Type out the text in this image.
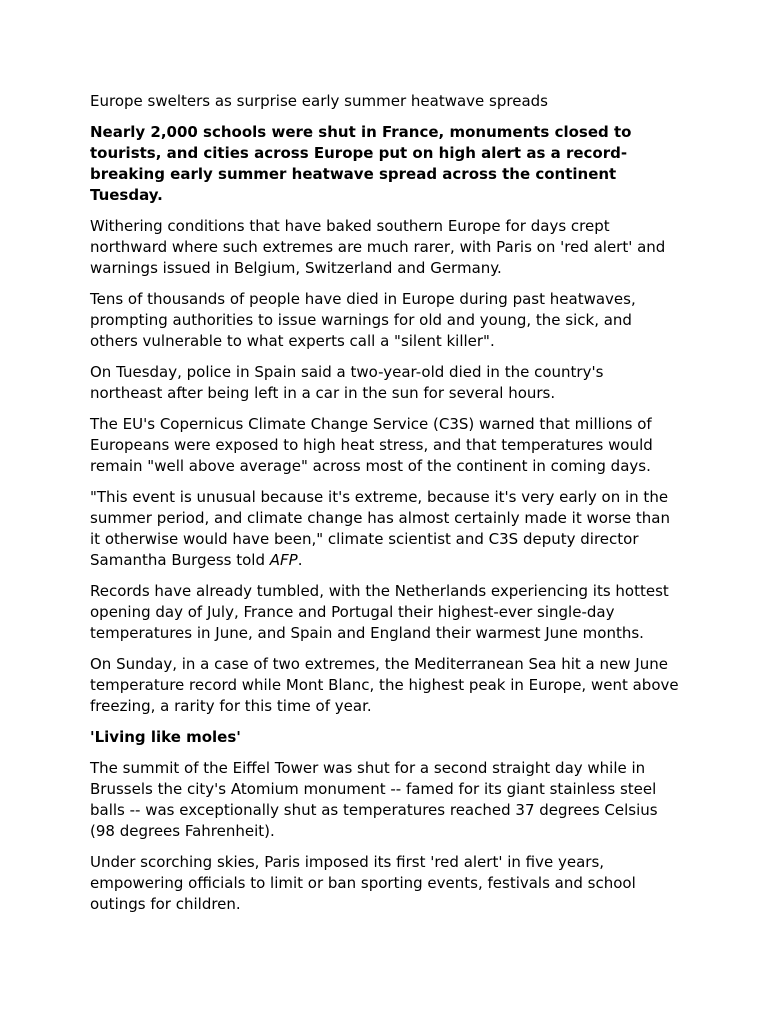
Europe swelters as surprise early summer heatwave spreads

Nearly 2,000 schools were shut in France, monuments closed to tourists, and cities across Europe put on high alert as a record-breaking early summer heatwave spread across the continent Tuesday.

Withering conditions that have baked southern Europe for days crept northward where such extremes are much rarer, with Paris on 'red alert' and warnings issued in Belgium, Switzerland and Germany.

Tens of thousands of people have died in Europe during past heatwaves, prompting authorities to issue warnings for old and young, the sick, and others vulnerable to what experts call a "silent killer".

On Tuesday, police in Spain said a two-year-old died in the country's northeast after being left in a car in the sun for several hours.

The EU's Copernicus Climate Change Service (C3S) warned that millions of Europeans were exposed to high heat stress, and that temperatures would remain "well above average" across most of the continent in coming days.

"This event is unusual because it's extreme, because it's very early on in the summer period, and climate change has almost certainly made it worse than it otherwise would have been," climate scientist and C3S deputy director Samantha Burgess told AFP.

Records have already tumbled, with the Netherlands experiencing its hottest opening day of July, France and Portugal their highest-ever single-day temperatures in June, and Spain and England their warmest June months.

On Sunday, in a case of two extremes, the Mediterranean Sea hit a new June temperature record while Mont Blanc, the highest peak in Europe, went above freezing, a rarity for this time of year.

'Living like moles'

The summit of the Eiffel Tower was shut for a second straight day while in Brussels the city's Atomium monument -- famed for its giant stainless steel balls -- was exceptionally shut as temperatures reached 37 degrees Celsius (98 degrees Fahrenheit).

Under scorching skies, Paris imposed its first 'red alert' in five years, empowering officials to limit or ban sporting events, festivals and school outings for children.
